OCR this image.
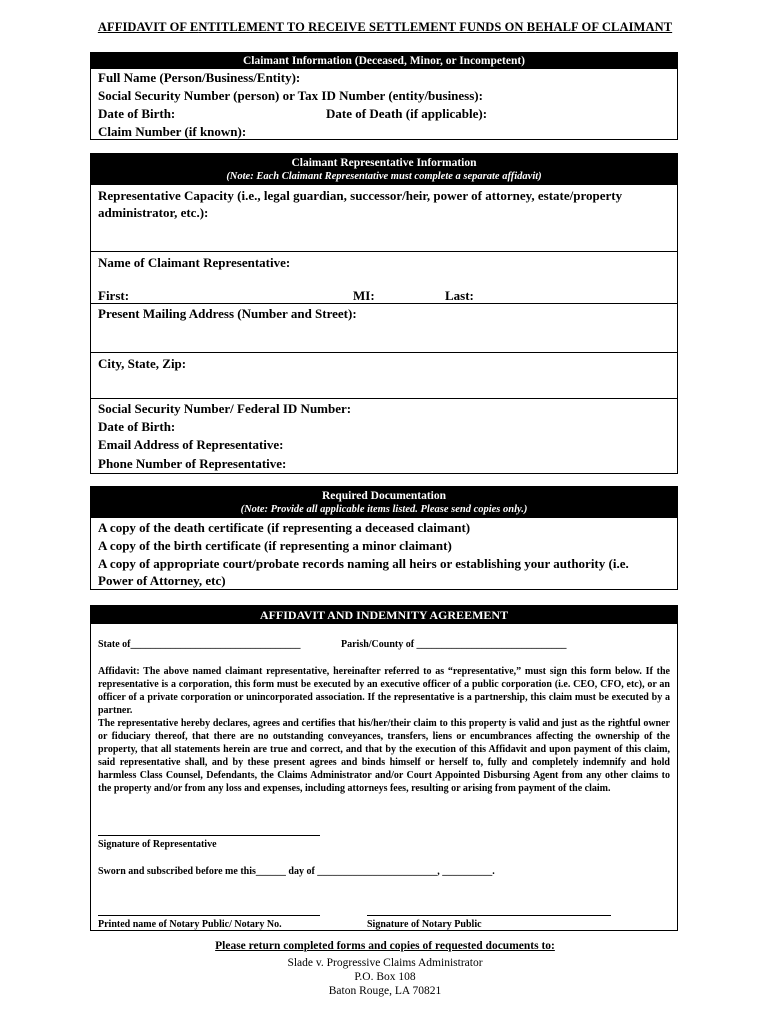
AFFIDAVIT OF ENTITLEMENT TO RECEIVE SETTLEMENT FUNDS ON BEHALF OF CLAIMANT
Claimant Information (Deceased, Minor, or Incompetent)
Full Name (Person/Business/Entity):
Social Security Number (person) or Tax ID Number (entity/business):
Date of Birth:	Date of Death (if applicable):
Claim Number (if known):
Claimant Representative Information
(Note: Each Claimant Representative must complete a separate affidavit)
Representative Capacity (i.e., legal guardian, successor/heir, power of attorney, estate/property
administrator, etc.):
Name of Claimant Representative:
First:	MI:	Last:
Present Mailing Address (Number and Street):
City, State, Zip:
Social Security Number/ Federal ID Number:
Date of Birth:
Email Address of Representative:
Phone Number of Representative:
Required Documentation
(Note: Provide all applicable items listed. Please send copies only.)
A copy of the death certificate (if representing a deceased claimant)
A copy of the birth certificate (if representing a minor claimant)
A copy of appropriate court/probate records naming all heirs or establishing your authority (i.e.
Power of Attorney, etc)
AFFIDAVIT AND INDEMNITY AGREEMENT
State of__________________________________	Parish/County of ______________________________
Affidavit: The above named claimant representative, hereinafter referred to as “representative,” must sign this form below. If the representative is a corporation, this form must be executed by an executive officer of a public corporation (i.e. CEO, CFO, etc), or an officer of a private corporation or unincorporated association. If the representative is a partnership, this claim must be executed by a partner.
The representative hereby declares, agrees and certifies that his/her/their claim to this property is valid and just as the rightful owner or fiduciary thereof, that there are no outstanding conveyances, transfers, liens or encumbrances affecting the ownership of the property, that all statements herein are true and correct, and that by the execution of this Affidavit and upon payment of this claim, said representative shall, and by these present agrees and binds himself or herself to, fully and completely indemnify and hold harmless Class Counsel, Defendants, the Claims Administrator and/or Court Appointed Disbursing Agent from any other claims to the property and/or from any loss and expenses, including attorneys fees, resulting or arising from payment of the claim.
Signature of Representative
Sworn and subscribed before me this______ day of ________________________, __________.
Printed name of Notary Public/ Notary No.	Signature of Notary Public
Please return completed forms and copies of requested documents to:
Slade v. Progressive Claims Administrator
P.O. Box 108
Baton Rouge, LA 70821
